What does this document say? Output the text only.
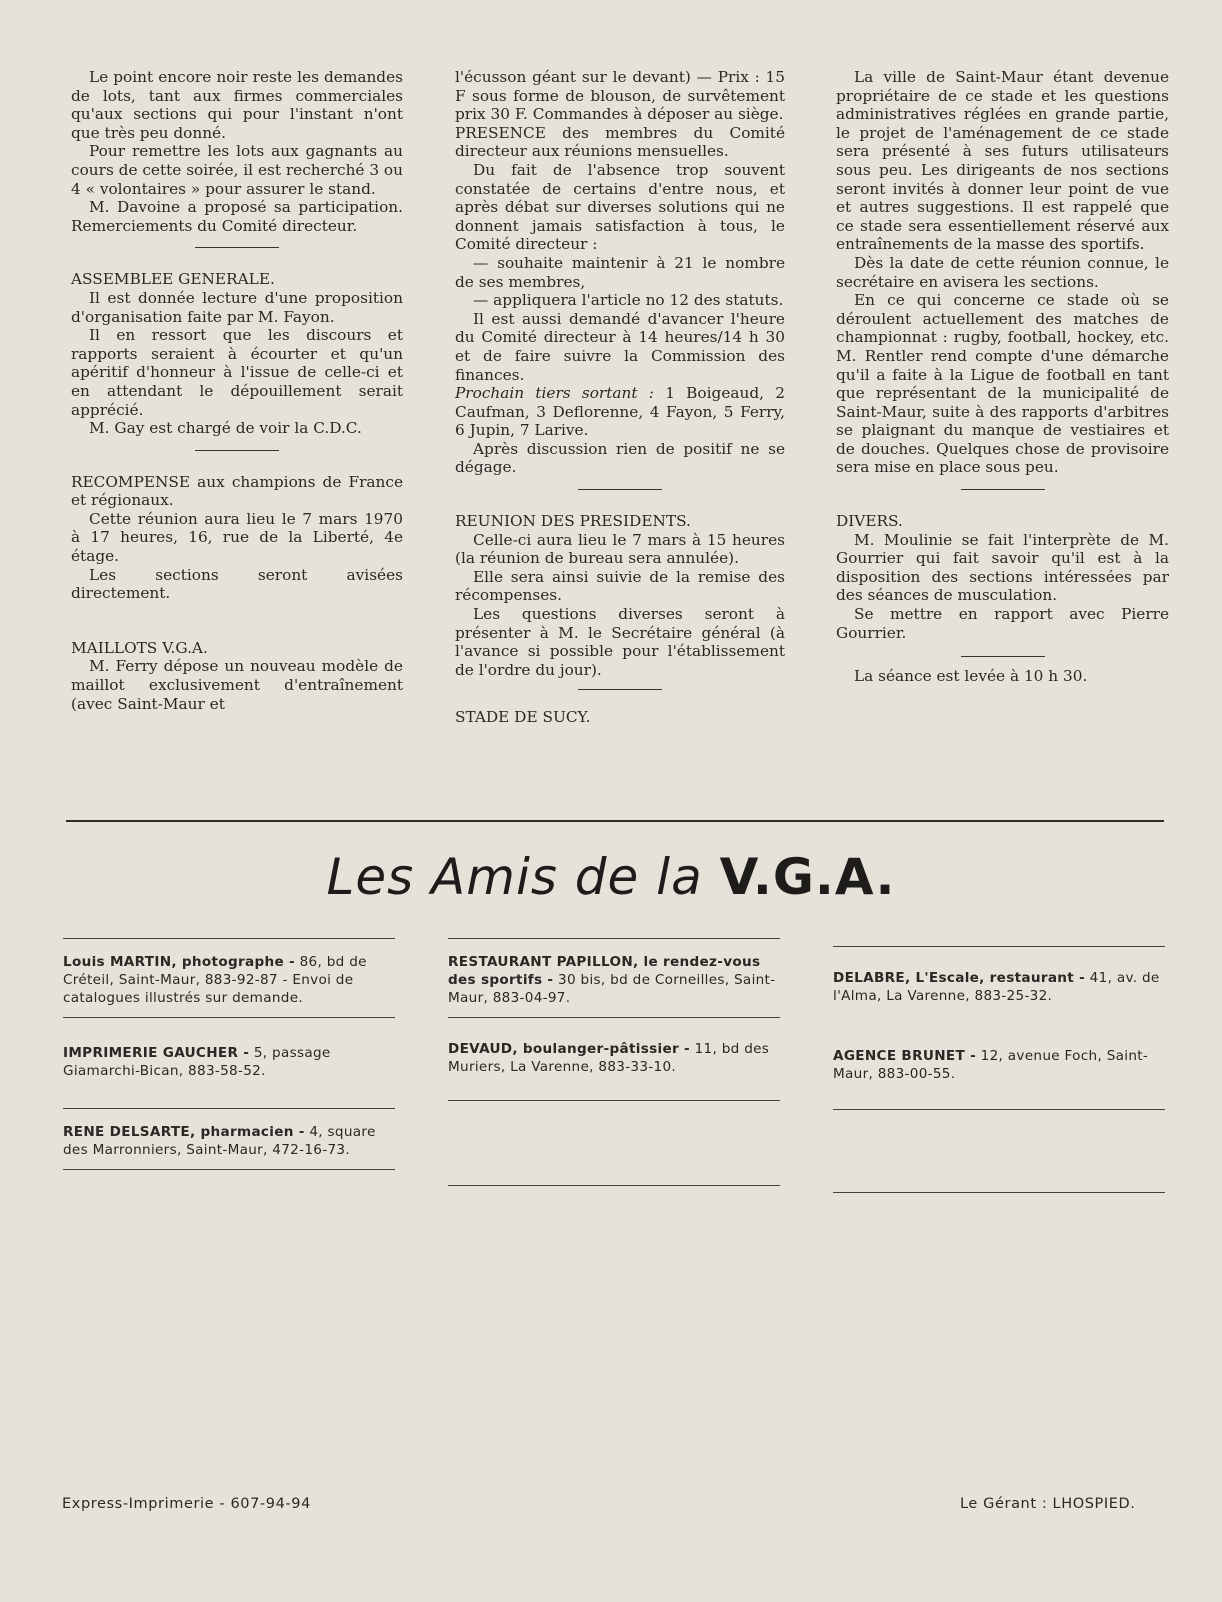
Le point encore noir reste les demandes de lots, tant aux firmes commerciales qu'aux sections qui pour l'instant n'ont que très peu donné.

Pour remettre les lots aux gagnants au cours de cette soirée, il est recherché 3 ou 4 « volontaires » pour assurer le stand.

M. Davoine a proposé sa participation. Remerciements du Comité directeur.

ASSEMBLEE GENERALE.

Il est donnée lecture d'une proposition d'organisation faite par M. Fayon.

Il en ressort que les discours et rapports seraient à écourter et qu'un apéritif d'honneur à l'issue de celle-ci et en attendant le dépouillement serait apprécié.

M. Gay est chargé de voir la C.D.C.

RECOMPENSE aux champions de France et régionaux.

Cette réunion aura lieu le 7 mars 1970 à 17 heures, 16, rue de la Liberté, 4e étage.

Les sections seront avisées directement.

MAILLOTS V.G.A.

M. Ferry dépose un nouveau modèle de maillot exclusivement d'entraînement (avec Saint-Maur et

l'écusson géant sur le devant) — Prix : 15 F sous forme de blouson, de survêtement prix 30 F. Commandes à déposer au siège.

PRESENCE des membres du Comité directeur aux réunions mensuelles.

Du fait de l'absence trop souvent constatée de certains d'entre nous, et après débat sur diverses solutions qui ne donnent jamais satisfaction à tous, le Comité directeur :

— souhaite maintenir à 21 le nombre de ses membres,

— appliquera l'article no 12 des statuts.

Il est aussi demandé d'avancer l'heure du Comité directeur à 14 heures/14 h 30 et de faire suivre la Commission des finances.

Prochain tiers sortant : 1 Boigeaud, 2 Caufman, 3 Deflorenne, 4 Fayon, 5 Ferry, 6 Jupin, 7 Larive.

Après discussion rien de positif ne se dégage.

REUNION DES PRESIDENTS.

Celle-ci aura lieu le 7 mars à 15 heures (la réunion de bureau sera annulée).

Elle sera ainsi suivie de la remise des récompenses.

Les questions diverses seront à présenter à M. le Secrétaire général (à l'avance si possible pour l'établissement de l'ordre du jour).

STADE DE SUCY.

La ville de Saint-Maur étant devenue propriétaire de ce stade et les questions administratives réglées en grande partie, le projet de l'aménagement de ce stade sera présenté à ses futurs utilisateurs sous peu. Les dirigeants de nos sections seront invités à donner leur point de vue et autres suggestions. Il est rappelé que ce stade sera essentiellement réservé aux entraînements de la masse des sportifs.

Dès la date de cette réunion connue, le secrétaire en avisera les sections.

En ce qui concerne ce stade où se déroulent actuellement des matches de championnat : rugby, football, hockey, etc. M. Rentler rend compte d'une démarche qu'il a faite à la Ligue de football en tant que représentant de la municipalité de Saint-Maur, suite à des rapports d'arbitres se plaignant du manque de vestiaires et de douches. Quelques chose de provisoire sera mise en place sous peu.

DIVERS.

M. Moulinie se fait l'interprète de M. Gourrier qui fait savoir qu'il est à la disposition des sections intéressées par des séances de musculation.

Se mettre en rapport avec Pierre Gourrier.

La séance est levée à 10 h 30.

Les Amis de la V.G.A.
Louis MARTIN, photographe - 86, bd de Créteil, Saint-Maur, 883-92-87 - Envoi de catalogues illustrés sur demande.
IMPRIMERIE GAUCHER - 5, passage Giamarchi-Bican, 883-58-52.
RENE DELSARTE, pharmacien - 4, square des Marronniers, Saint-Maur, 472-16-73.
RESTAURANT PAPILLON, le rendez-vous des sportifs - 30 bis, bd de Corneilles, Saint-Maur, 883-04-97.
DEVAUD, boulanger-pâtissier - 11, bd des Muriers, La Varenne, 883-33-10.
DELABRE, L'Escale, restaurant - 41, av. de l'Alma, La Varenne, 883-25-32.
AGENCE BRUNET - 12, avenue Foch, Saint-Maur, 883-00-55.
Express-Imprimerie - 607-94-94	Le Gérant : LHOSPIED.
